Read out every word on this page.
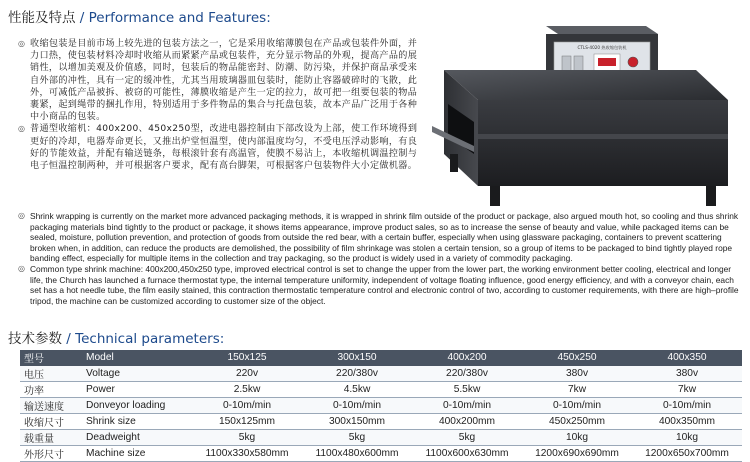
性能及特点 / Performance and Features:

◎ 收缩包装是目前市场上较先进的包装方法之一，它是采用收缩薄膜包在产品或包装件外面，并力口热，使包装材料冷却时收缩从而紧紧产品或包装件，充分显示物品的外观，提高产品的展销性，以增加美观及价值感，同时，包装后的物品能密封、防潮、防污染，并保护商品承受来自外部的冲性，具有一定的缓冲性，尤其当用玻璃器皿包装时，能防止容器破碎时的飞散，此外，可减低产品被拆、被窃的可能性，薄膜收缩是产生一定的拉力，故可把一组要包装的物品裹紧，起到绳带的捆扎作用，特别适用于多件物品的集合与托盘包装，故本产品广泛用于各种中小商品的包装。

◎ 普通型收缩机：400x200、450x250型，改进电器控制由下部改设为上部，使工作环境得到更好的冷却，电器寿命更长，又推出炉堂恒温型，使内部温度均匀，不受电压浮动影响，有良好的节能效益，并配有输送链条，每根滚针套有高温管，使膜不易沾上，本收缩机调温控制与电子恒温控制两种，并可根据客户要求，配有高台脚架，可根据客户包装物件大小定做机器。

CTLS-4020 热收缩包装机

◎ Shrink wrapping is currently on the market more advanced packaging methods, it is wrapped in shrink film outside of the product or package, also argued mouth hot, so cooling and thus shrink packaging materials bind tightly to the product or package, it shows items appearance, improve product sales, so as to increase the sense of beauty and value, while packaged items can be sealed, moisture, pollution prevention, and protection of goods from outside the red bear, with a certain buffer, especially when using glassware packaging, containers to prevent scattering broken when, in addition, can reduce the products are demolished, the possibility of film shrinkage was stolen a certain tension, so a group of items to be packaged to bind tightly played rope banding effect, especially for multiple items in the collection and tray packaging, so the product is widely used in a variety of commodity packaging.

◎ Common type shrink machine: 400x200,450x250 type, improved electrical control is set to change the upper from the lower part, the working environment better cooling, electrical and longer life, the Church has launched a furnace thermostat type, the internal temperature uniformity, independent of voltage floating influence, good energy efficiency, and with a conveyor chain, each set has a hot needle tube, the film easily stained, this contraction thermostatic temperature control and electronic control of two, according to customer requirements, with there are high–profile tripod, the machine can be customized according to customer size of the object.

技术参数 / Technical parameters:
型号	Model	150x125	300x150	400x200	450x250	400x350
电压	Voltage	220v	220/380v	220/380v	380v	380v
功率	Power	2.5kw	4.5kw	5.5kw	7kw	7kw
输送速度	Donveyor loading	0-10m/min	0-10m/min	0-10m/min	0-10m/min	0-10m/min
收缩尺寸	Shrink size	150x125mm	300x150mm	400x200mm	450x250mm	400x350mm
载重量	Deadweight	5kg	5kg	5kg	10kg	10kg
外形尺寸	Machine size	1100x330x580mm	1100x480x600mm	1100x600x630mm	1200x690x690mm	1200x650x700mm
